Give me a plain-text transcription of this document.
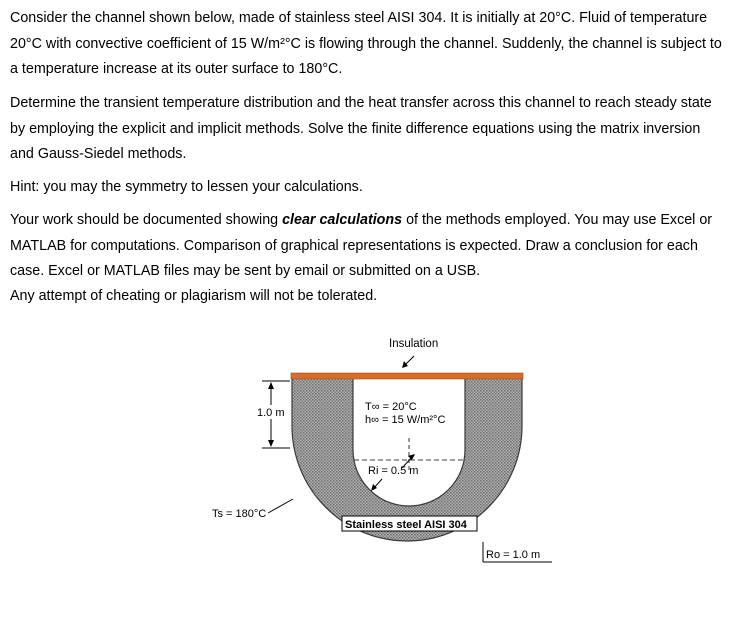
Consider the channel shown below, made of stainless steel AISI 304. It is initially at 20°C. Fluid of temperature 20°C with convective coefficient of 15 W/m²°C is flowing through the channel. Suddenly, the channel is subject to a temperature increase at its outer surface to 180°C.

Determine the transient temperature distribution and the heat transfer across this channel to reach steady state by employing the explicit and implicit methods. Solve the finite difference equations using the matrix inversion and Gauss-Siedel methods.

Hint: you may the symmetry to lessen your calculations.

Your work should be documented showing clear calculations of the methods employed. You may use Excel or MATLAB for computations. Comparison of graphical representations is expected. Draw a conclusion for each case. Excel or MATLAB files may be sent by email or submitted on a USB.

Any attempt of cheating or plagiarism will not be tolerated.

Insulation
1.0 m	T∞ = 20°C
h∞ = 15 W/m²°C
Ri = 0.5 m
Ts = 180°C
Stainless steel AISI 304
Ro = 1.0 m
